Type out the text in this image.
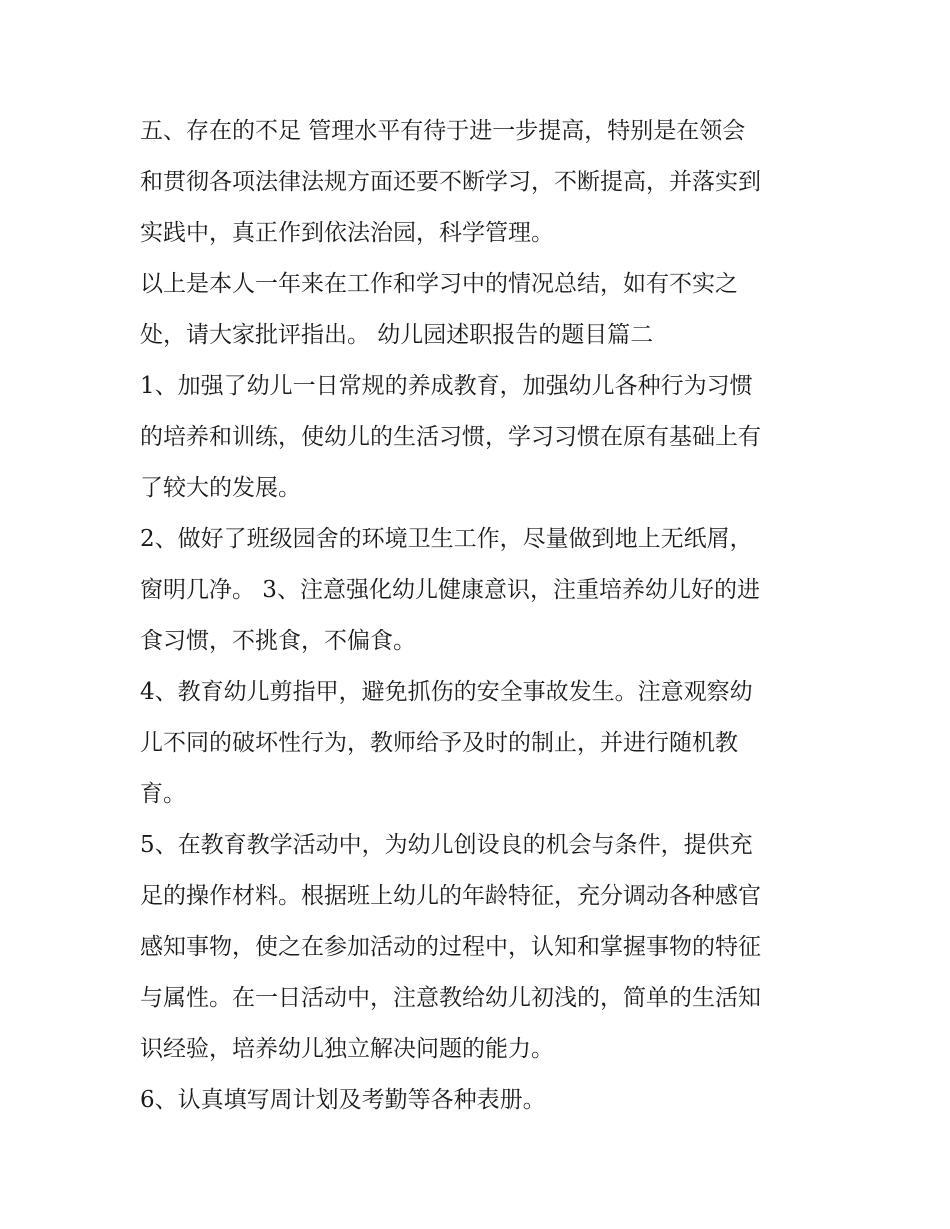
五、存在的不足 管理水平有待于进一步提高，特别是在领会
和贯彻各项法律法规方面还要不断学习，不断提高，并落实到
实践中，真正作到依法治园，科学管理。
以上是本人一年来在工作和学习中的情况总结，如有不实之
处，请大家批评指出。 幼儿园述职报告的题目篇二
1、加强了幼儿一日常规的养成教育，加强幼儿各种行为习惯
的培养和训练，使幼儿的生活习惯，学习习惯在原有基础上有
了较大的发展。
2、做好了班级园舍的环境卫生工作，尽量做到地上无纸屑，
窗明几净。 3、注意强化幼儿健康意识，注重培养幼儿好的进
食习惯，不挑食，不偏食。
4、教育幼儿剪指甲，避免抓伤的安全事故发生。注意观察幼
儿不同的破坏性行为，教师给予及时的制止，并进行随机教
育。
5、在教育教学活动中，为幼儿创设良的机会与条件，提供充
足的操作材料。根据班上幼儿的年龄特征，充分调动各种感官
感知事物，使之在参加活动的过程中，认知和掌握事物的特征
与属性。在一日活动中，注意教给幼儿初浅的，简单的生活知
识经验，培养幼儿独立解决问题的能力。
6、认真填写周计划及考勤等各种表册。
